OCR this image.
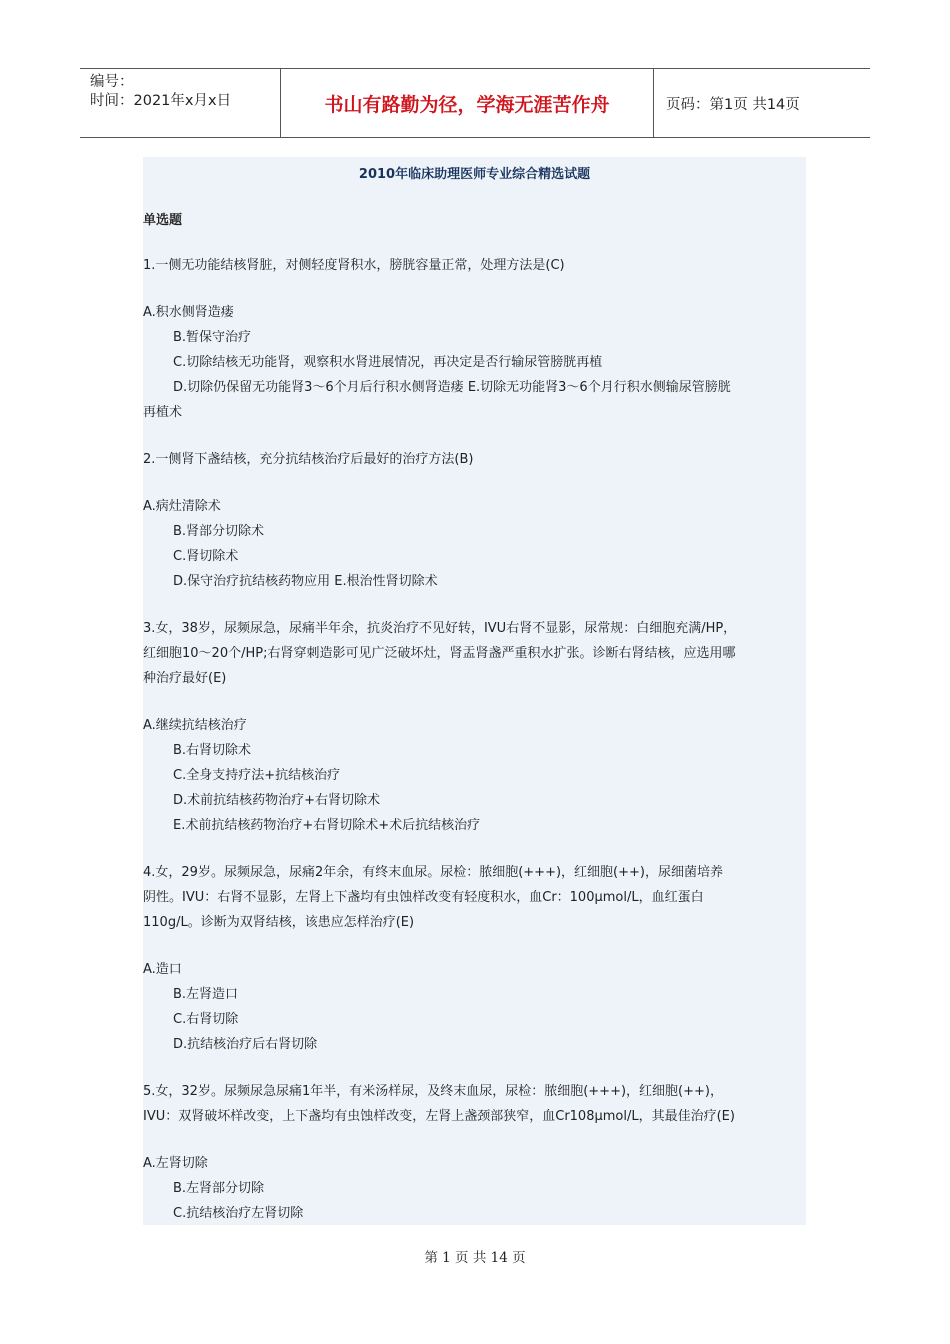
编号：
时间：2021年x月x日	书山有路勤为径，学海无涯苦作舟	页码：第1页 共14页
2010年临床助理医师专业综合精选试题
单选题
1.一侧无功能结核肾脏，对侧轻度肾积水，膀胱容量正常，处理方法是(C)
A.积水侧肾造瘘
B.暂保守治疗
C.切除结核无功能肾，观察积水肾进展情况，再决定是否行输尿管膀胱再植
D.切除仍保留无功能肾3～6个月后行积水侧肾造瘘 E.切除无功能肾3～6个月行积水侧输尿管膀胱
再植术
2.一侧肾下盏结核，充分抗结核治疗后最好的治疗方法(B)
A.病灶清除术
B.肾部分切除术
C.肾切除术
D.保守治疗抗结核药物应用 E.根治性肾切除术
3.女，38岁，尿频尿急，尿痛半年余，抗炎治疗不见好转，IVU右肾不显影，尿常规：白细胞充满/HP，
红细胞10～20个/HP;右肾穿刺造影可见广泛破坏灶，肾盂肾盏严重积水扩张。诊断右肾结核，应选用哪
种治疗最好(E)
A.继续抗结核治疗
B.右肾切除术
C.全身支持疗法+抗结核治疗
D.术前抗结核药物治疗+右肾切除术
E.术前抗结核药物治疗+右肾切除术+术后抗结核治疗
4.女，29岁。尿频尿急，尿痛2年余，有终末血尿。尿检：脓细胞(+++)，红细胞(++)，尿细菌培养
阴性。IVU：右肾不显影，左肾上下盏均有虫蚀样改变有轻度积水，血Cr：100μmol/L，血红蛋白
110g/L。诊断为双肾结核，该患应怎样治疗(E)
A.造口
B.左肾造口
C.右肾切除
D.抗结核治疗后右肾切除
5.女，32岁。尿频尿急尿痛1年半，有米汤样尿，及终末血尿，尿检：脓细胞(+++)，红细胞(++)，
IVU：双肾破坏样改变，上下盏均有虫蚀样改变，左肾上盏颈部狭窄，血Cr108μmol/L，其最佳治疗(E)
A.左肾切除
B.左肾部分切除
C.抗结核治疗左肾切除
第 1 页 共 14 页
